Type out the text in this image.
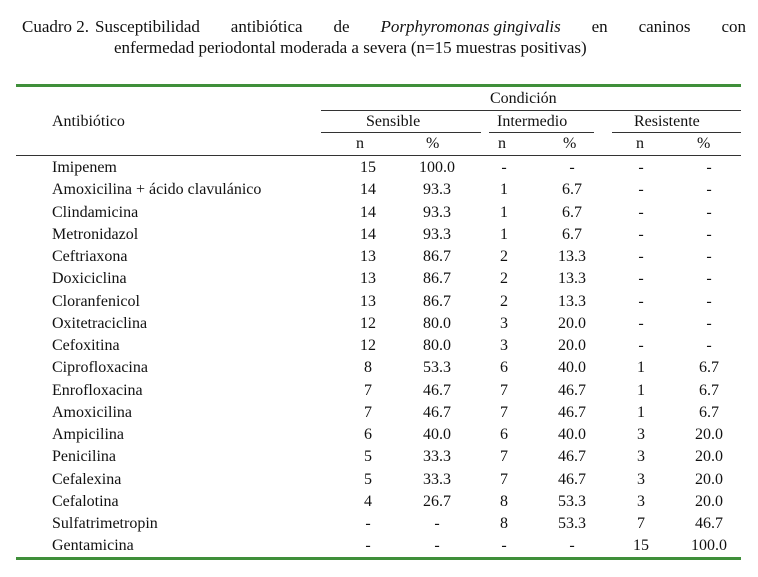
Cuadro 2. Susceptibilidad antibiótica de Porphyromonas gingivalis en caninos con
enfermedad periodontal moderada a severa (n=15 muestras positivas)
Antibiótico
Condición
Sensible	Intermedio	Resistente
n	%	n	%	n	%
Imipenem	15	100.0	-	-	-	-
Amoxicilina + ácido clavulánico	14	93.3	1	6.7	-	-
Clindamicina	14	93.3	1	6.7	-	-
Metronidazol	14	93.3	1	6.7	-	-
Ceftriaxona	13	86.7	2	13.3	-	-
Doxiciclina	13	86.7	2	13.3	-	-
Cloranfenicol	13	86.7	2	13.3	-	-
Oxitetraciclina	12	80.0	3	20.0	-	-
Cefoxitina	12	80.0	3	20.0	-	-
Ciprofloxacina	8	53.3	6	40.0	1	6.7
Enrofloxacina	7	46.7	7	46.7	1	6.7
Amoxicilina	7	46.7	7	46.7	1	6.7
Ampicilina	6	40.0	6	40.0	3	20.0
Penicilina	5	33.3	7	46.7	3	20.0
Cefalexina	5	33.3	7	46.7	3	20.0
Cefalotina	4	26.7	8	53.3	3	20.0
Sulfatrimetropin	-	-	8	53.3	7	46.7
Gentamicina	-	-	-	-	15	100.0
